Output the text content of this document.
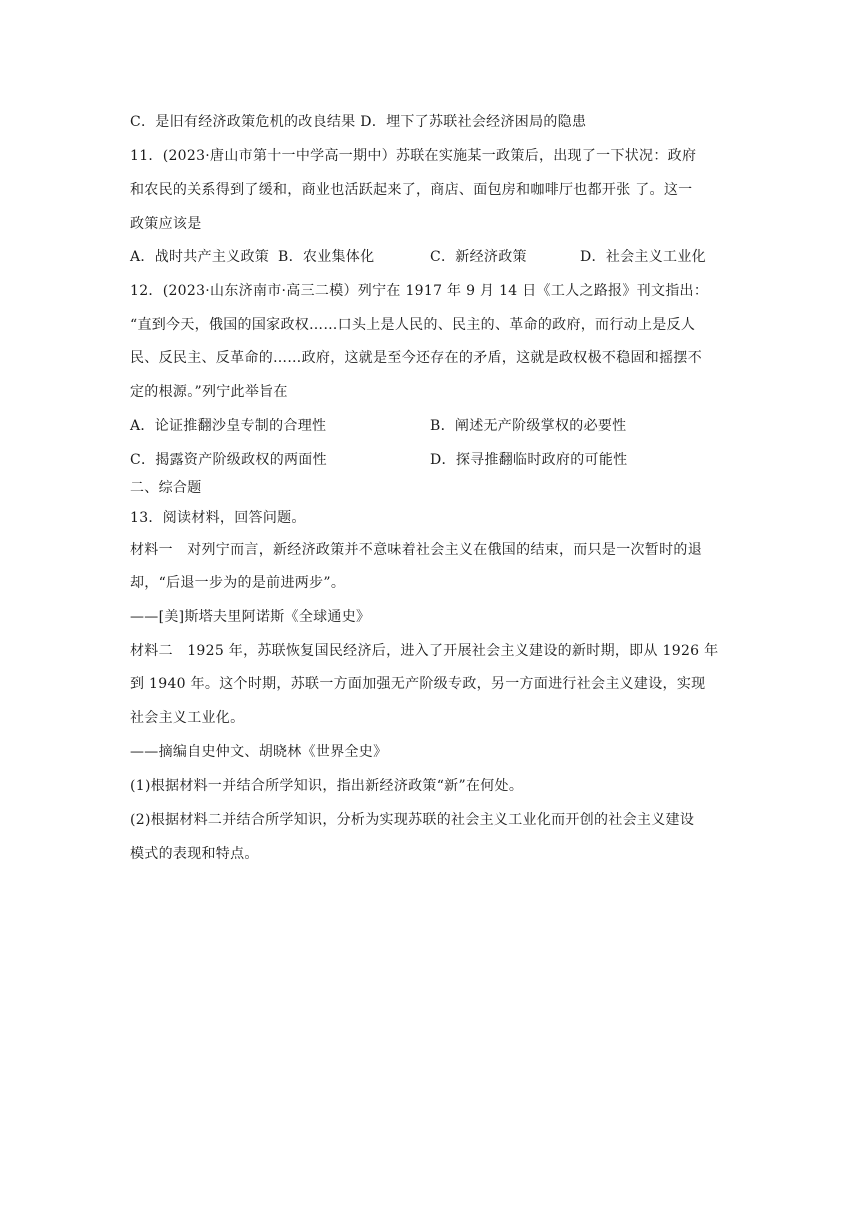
C．是旧有经济政策危机的改良结果 D．埋下了苏联社会经济困局的隐患
11．(2023·唐山市第十一中学高一期中）苏联在实施某一政策后，出现了一下状况：政府
和农民的关系得到了缓和，商业也活跃起来了，商店、面包房和咖啡厅也都开张 了。这一
政策应该是
A．战时共产主义政策 B．农业集体化	C．新经济政策	D．社会主义工业化
12．(2023·山东济南市·高三二模）列宁在 1917 年 9 月 14 日《工人之路报》刊文指出：
“直到今天，俄国的国家政权……口头上是人民的、民主的、革命的政府，而行动上是反人
民、反民主、反革命的……政府，这就是至今还存在的矛盾，这就是政权极不稳固和摇摆不
定的根源。”列宁此举旨在
A．论证推翻沙皇专制的合理性	B．阐述无产阶级掌权的必要性
C．揭露资产阶级政权的两面性	D．探寻推翻临时政府的可能性
二、综合题
13．阅读材料，回答问题。
材料一　对列宁而言，新经济政策并不意味着社会主义在俄国的结束，而只是一次暂时的退
却，“后退一步为的是前进两步”。
——[美]斯塔夫里阿诺斯《全球通史》
材料二　1925 年，苏联恢复国民经济后，进入了开展社会主义建设的新时期，即从 1926 年
到 1940 年。这个时期，苏联一方面加强无产阶级专政，另一方面进行社会主义建设，实现
社会主义工业化。
——摘编自史仲文、胡晓林《世界全史》
(1)根据材料一并结合所学知识，指出新经济政策“新”在何处。
(2)根据材料二并结合所学知识，分析为实现苏联的社会主义工业化而开创的社会主义建设
模式的表现和特点。
